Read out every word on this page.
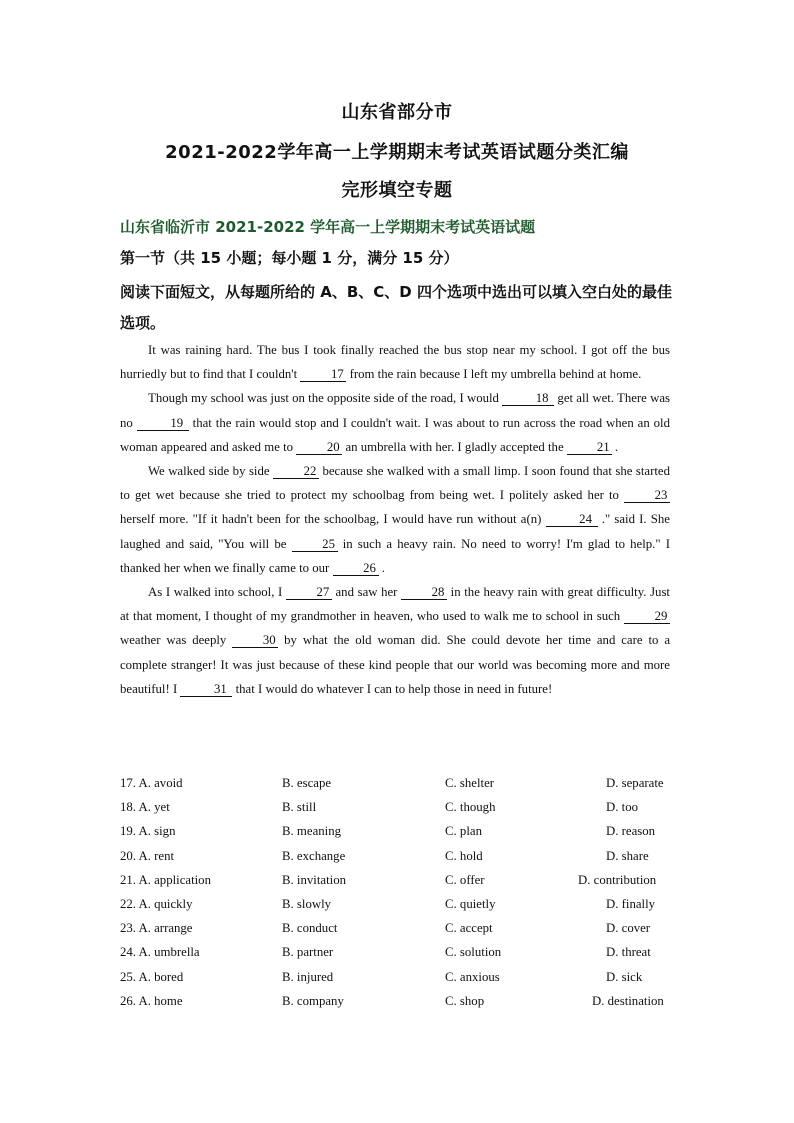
山东省部分市
2021-2022学年高一上学期期末考试英语试题分类汇编
完形填空专题
山东省临沂市 2021-2022 学年高一上学期期末考试英语试题
第一节（共 15 小题；每小题 1 分，满分 15 分）
阅读下面短文，从每题所给的 A、B、C、D 四个选项中选出可以填入空白处的最佳选项。

It was raining hard. The bus I took finally reached the bus stop near my school. I got off the bus hurriedly but to find that I couldn't 17 from the rain because I left my umbrella behind at home.

Though my school was just on the opposite side of the road, I would	18 get all wet. There was no	19 that the rain would stop and I couldn't wait. I was about to run across the road when an old woman appeared and asked me to 20 an umbrella with her. I gladly accepted the 21 .

We walked side by side 22 because she walked with a small limp. I soon found that she started to get wet because she tried to protect my schoolbag from being wet. I politely asked her to 23 herself more. "If it hadn't been for the schoolbag, I would have run without a(n)	24 ." said I. She laughed and said, "You will be 25 in such a heavy rain. No need to worry! I'm glad to help." I thanked her when we finally came to our 26 .

As I walked into school, I 27 and saw her 28 in the heavy rain with great difficulty. Just at that moment, I thought of my grandmother in heaven, who used to walk me to school in such 29 weather was deeply 30 by what the old woman did. She could devote her time and care to a complete stranger! It was just because of these kind people that our world was becoming more and more beautiful! I	31 that I would do whatever I can to help those in need in future!

17. A. avoid	B. escape	C. shelter	D. separate
18. A. yet	B. still	C. though	D. too
19. A. sign	B. meaning	C. plan	D. reason
20. A. rent	B. exchange	C. hold	D. share
21. A. application	B. invitation	C. offer	D. contribution
22. A. quickly	B. slowly	C. quietly	D. finally
23. A. arrange	B. conduct	C. accept	D. cover
24. A. umbrella	B. partner	C. solution	D. threat
25. A. bored	B. injured	C. anxious	D. sick
26. A. home	B. company	C. shop	D. destination
